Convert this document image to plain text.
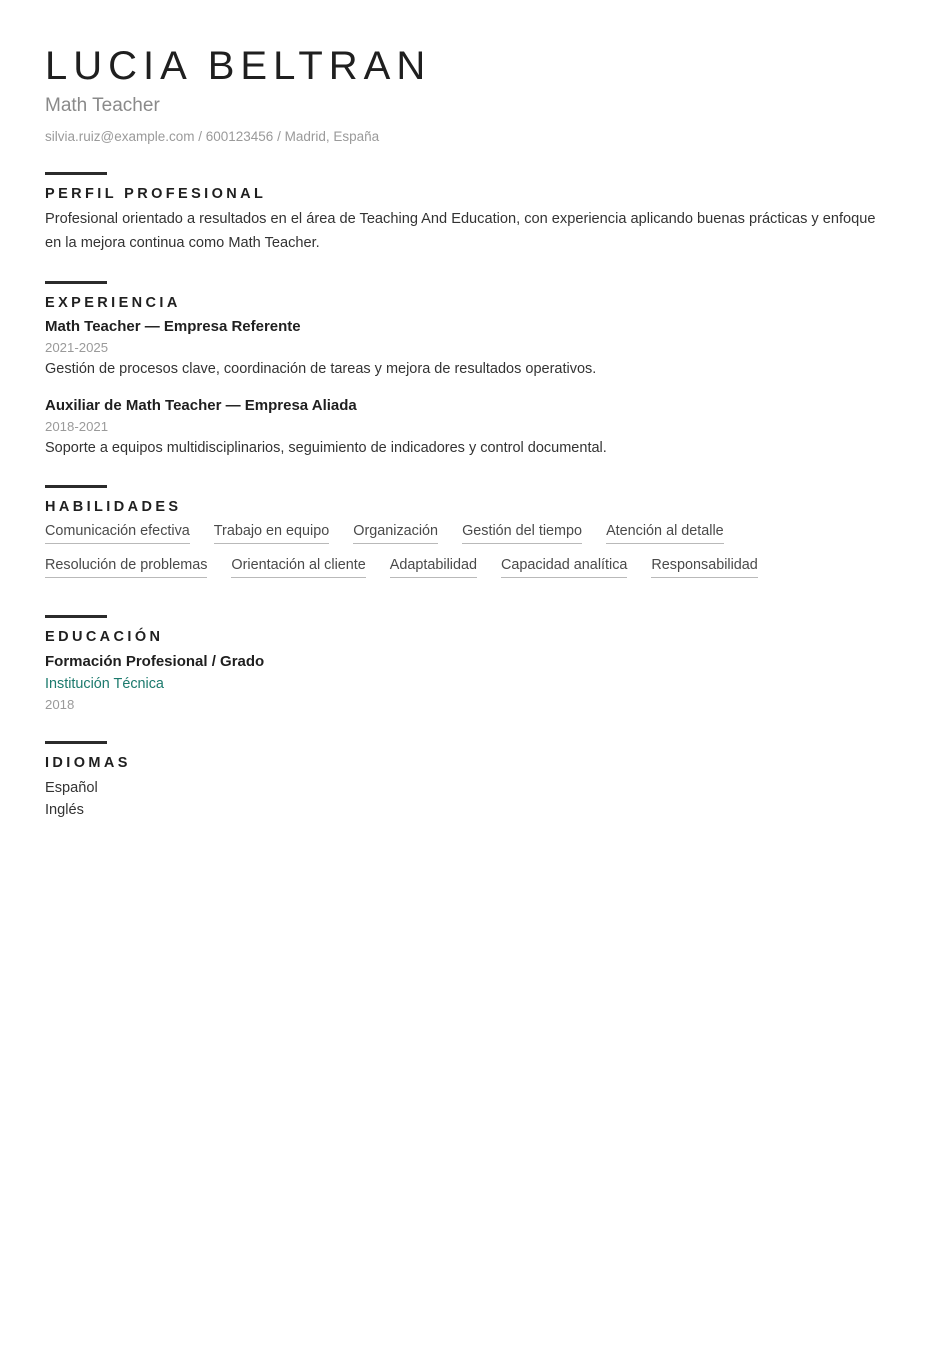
LUCIA BELTRAN
Math Teacher
silvia.ruiz@example.com / 600123456 / Madrid, España
PERFIL PROFESIONAL

Profesional orientado a resultados en el área de Teaching And Education, con experiencia aplicando buenas prácticas y enfoque en la mejora continua como Math Teacher.

EXPERIENCIA
Math Teacher — Empresa Referente
2021-2025
Gestión de procesos clave, coordinación de tareas y mejora de resultados operativos.
Auxiliar de Math Teacher — Empresa Aliada
2018-2021
Soporte a equipos multidisciplinarios, seguimiento de indicadores y control documental.
HABILIDADES
Comunicación efectiva Trabajo en equipo Organización Gestión del tiempo Atención al detalle
Resolución de problemas Orientación al cliente Adaptabilidad Capacidad analítica Responsabilidad
EDUCACIÓN
Formación Profesional / Grado
Institución Técnica
2018
IDIOMAS

Español

Inglés
